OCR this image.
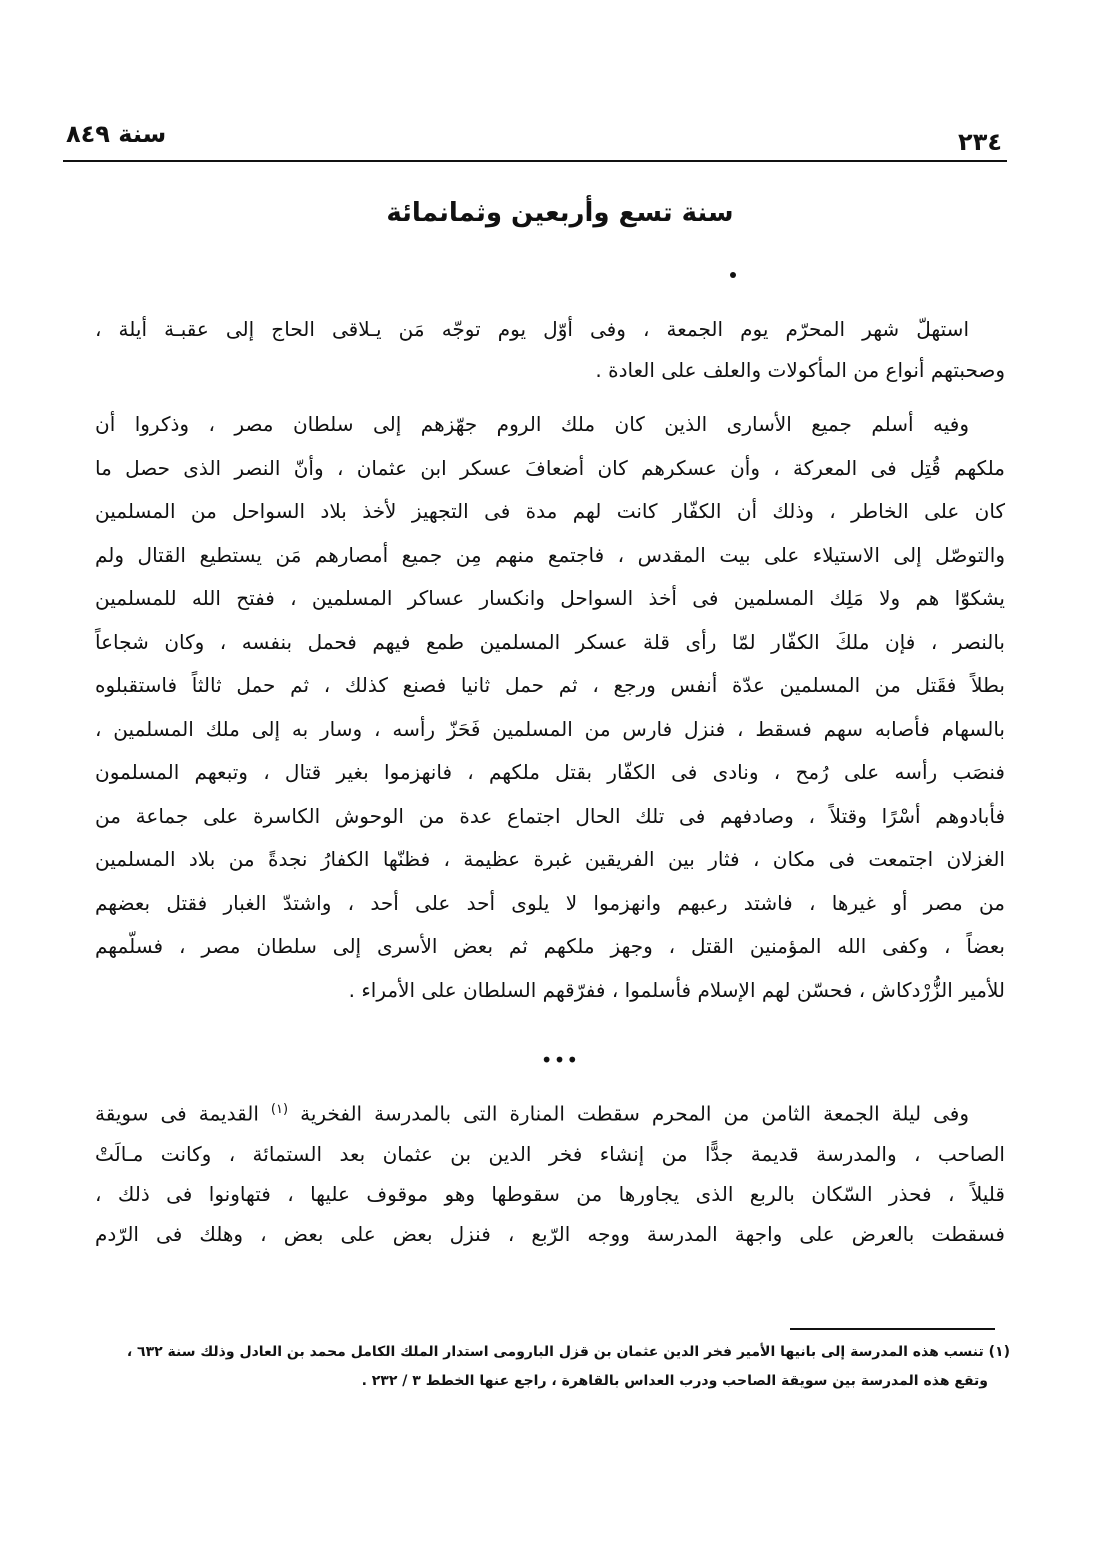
٢٣٤
سنة ٨٤٩
سنة تسع وأربعين وثمانمائة
استهلّ شهر المحرّم يوم الجمعة ، وفى أوّل يوم توجّه مَن يـلاقى الحاج إلى عقبـة أيلة ،
وصحبتهم أنواع من المأكولات والعلف على العادة .
وفيه أسلم جميع الأسارى الذين كان ملك الروم جهّزهم إلى سلطان مصر ، وذكروا أن
ملكهم قُتِل فى المعركة ، وأن عسكرهم كان أضعافَ عسكر ابن عثمان ، وأنّ النصر الذى حصل ما
كان على الخاطر ، وذلك أن الكفّار كانت لهم مدة فى التجهيز لأخذ بلاد السواحل من المسلمين
والتوصّل إلى الاستيلاء على بيت المقدس ، فاجتمع منهم مِن جميع أمصارهم مَن يستطيع القتال ولم
يشكوّا هم ولا مَلِك المسلمين فى أخذ السواحل وانكسار عساكر المسلمين ، ففتح الله للمسلمين
بالنصر ، فإن ملكَ الكفّار لمّا رأى قلة عسكر المسلمين طمع فيهم فحمل بنفسه ، وكان شجاعاً
بطلاً فقَتل من المسلمين عدّة أنفس ورجع ، ثم حمل ثانيا فصنع كذلك ، ثم حمل ثالثاً فاستقبلوه
بالسهام فأصابه سهم فسقط ، فنزل فارس من المسلمين فَحَزّ رأسه ، وسار به إلى ملك المسلمين ،
فنصَب رأسه على رُمح ، ونادى فى الكفّار بقتل ملكهم ، فانهزموا بغير قتال ، وتبعهم المسلمون
فأبادوهم أسْرًا وقتلاً ، وصادفهم فى تلك الحال اجتماع عدة من الوحوش الكاسرة على جماعة من
الغزلان اجتمعت فى مكان ، فثار بين الفريقين غبرة عظيمة ، فظنّها الكفارُ نجدةً من بلاد المسلمين
من مصر أو غيرها ، فاشتد رعبهم وانهزموا لا يلوى أحد على أحد ، واشتدّ الغبار فقتل بعضهم
بعضاً ، وكفى الله المؤمنين القتل ، وجهز ملكهم ثم بعض الأسرى إلى سلطان مصر ، فسلّمهم
للأمير الزُّرْدكاش ، فحسّن لهم الإسلام فأسلموا ، ففرّقهم السلطان على الأمراء .
•••
وفى ليلة الجمعة الثامن من المحرم سقطت المنارة التى بالمدرسة الفخرية $^{(١)}$ القديمة فى سويقة
الصاحب ، والمدرسة قديمة جدًّا من إنشاء فخر الدين بن عثمان بعد الستمائة ، وكانت مـالَتْ
قليلاً ، فحذر السّكان بالربع الذى يجاورها من سقوطها وهو موقوف عليها ، فتهاونوا فى ذلك ،
فسقطت بالعرض على واجهة المدرسة ووجه الرّبع ، فنزل بعض على بعض ، وهلك فى الرّدم
(١) تنسب هذه المدرسة إلى بانيها الأمير فخر الدين عثمان بن قزل البارومى استدار الملك الكامل محمد بن العادل وذلك سنة ٦٣٢ ،
وتقع هذه المدرسة بين سويقة الصاحب ودرب العداس بالقاهرة ، راجع عنها الخطط ٣ / ٢٣٢ .
